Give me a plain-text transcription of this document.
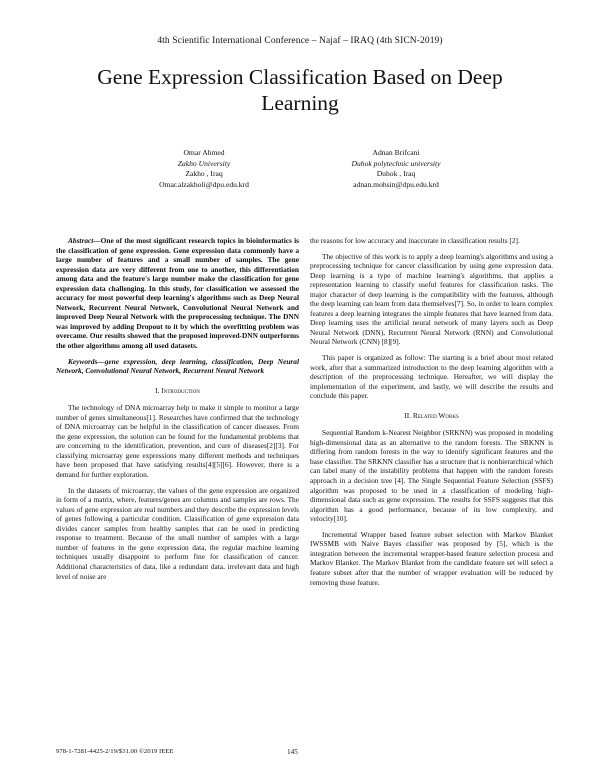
4th Scientific International Conference – Najaf – IRAQ (4th SICN-2019)
Gene Expression Classification Based on Deep Learning
Omar Ahmed
Zakho University
Zakho , Iraq
Omar.alzakholi@dpu.edu.krd
Adnan Brifcani
Duhok polytechnic university
Duhok , Iraq
adnan.mohsin@dpu.edu.krd

Abstract—One of the most significant research topics in bioinformatics is the classification of gene expression. Gene expression data commonly have a large number of features and a small number of samples. The gene expression data are very different from one to another, this differentiation among data and the feature's large number make the classification for gene expression data challenging. In this study, for classification we assessed the accuracy for most powerful deep learning's algorithms such as Deep Neural Network, Recurrent Neural Network, Convolutional Neural Network and improved Deep Neural Network with the preprocessing technique. The DNN was improved by adding Dropout to it by which the overfitting problem was overcame. Our results showed that the proposed improved-DNN outperforms the other algorithms among all used datasets.

Keywords—gene expression, deep learning, classification, Deep Neural Network, Convolutional Neural Network, Recurrent Neural Network

I. Introduction

The technology of DNA microarray help to make it simple to monitor a large number of genes simultaneous[1]. Researches have confirmed that the technology of DNA microarray can be helpful in the classification of cancer diseases. From the gene expression, the solution can be found for the fundamental problems that are concerning to the identification, prevention, and cure of diseases[2][3]. For classifying microarray gene expressions many different methods and techniques have been proposed that have satisfying results[4][5][6]. However, there is a demand for further exploration.

In the datasets of microarray, the values of the gene expression are organized in form of a matrix, where, features/genes are columns and samples are rows. The values of gene expression are real numbers and they describe the expression levels of genes following a particular condition. Classification of gene expression data divides cancer samples from healthy samples that can be used in predicting response to treatment. Because of the small number of samples with a large number of features in the gene expression data, the regular machine learning techniques usually disappoint to perform fine for classification of cancer. Additional characteristics of data, like a redundant data, irrelevant data and high level of noise are

the reasons for low accuracy and inaccurate in classification results [2].

The objective of this work is to apply a deep learning's algorithms and using a preprocessing technique for cancer classification by using gene expression data. Deep learning is a type of machine learning's algorithms, that applies a representation learning to classify useful features for classification tasks. The major character of deep learning is the compatibility with the features, although the deep learning can learn from data themselves[7]. So, in order to learn complex features a deep learning integrates the simple features that have learned from data. Deep learning uses the artificial neural network of many layers such as Deep Neural Network (DNN), Recurrent Neural Network (RNN) and Convolutional Neural Network (CNN) [8][9].

This paper is organized as follow: The starting is a brief about most related work, after that a summarized introduction to the deep learning algorithm with a description of the preprocessing technique. Hereafter, we will display the implementation of the experiment, and lastly, we will describe the results and conclude this paper.

II. Related Works

Sequential Random k-Nearest Neighbor (SRKNN) was proposed in modeling high-dimensional data as an alternative to the random forests. The SRKNN is differing from random forests in the way to identify significant features and the base classifier. The SRKNN classifier has a structure that is nonhierarchical which can label many of the instability problems that happen with the random forests approach in a decision tree [4]. The Single Sequential Feature Selection (SSFS) algorithm was proposed to be used in a classification of modeling high-dimensional data such as gene expression. The results for SSFS suggests that this algorithm has a good performance, because of its low complexity, and velocity[10].

Incremental Wrapper based feature subset selection with Markov Blanket IWSSMB with Naive Bayes classifier was proposed by [5], which is the integration between the incremental wrapper-based feature selection process and Markov Blanket. The Markov Blanket from the candidate feature set will select a feature subset after that the number of wrapper evaluation will be reduced by removing those feature.

978-1-7281-4425-2/19/$31.00 ©2019 IEEE	145
